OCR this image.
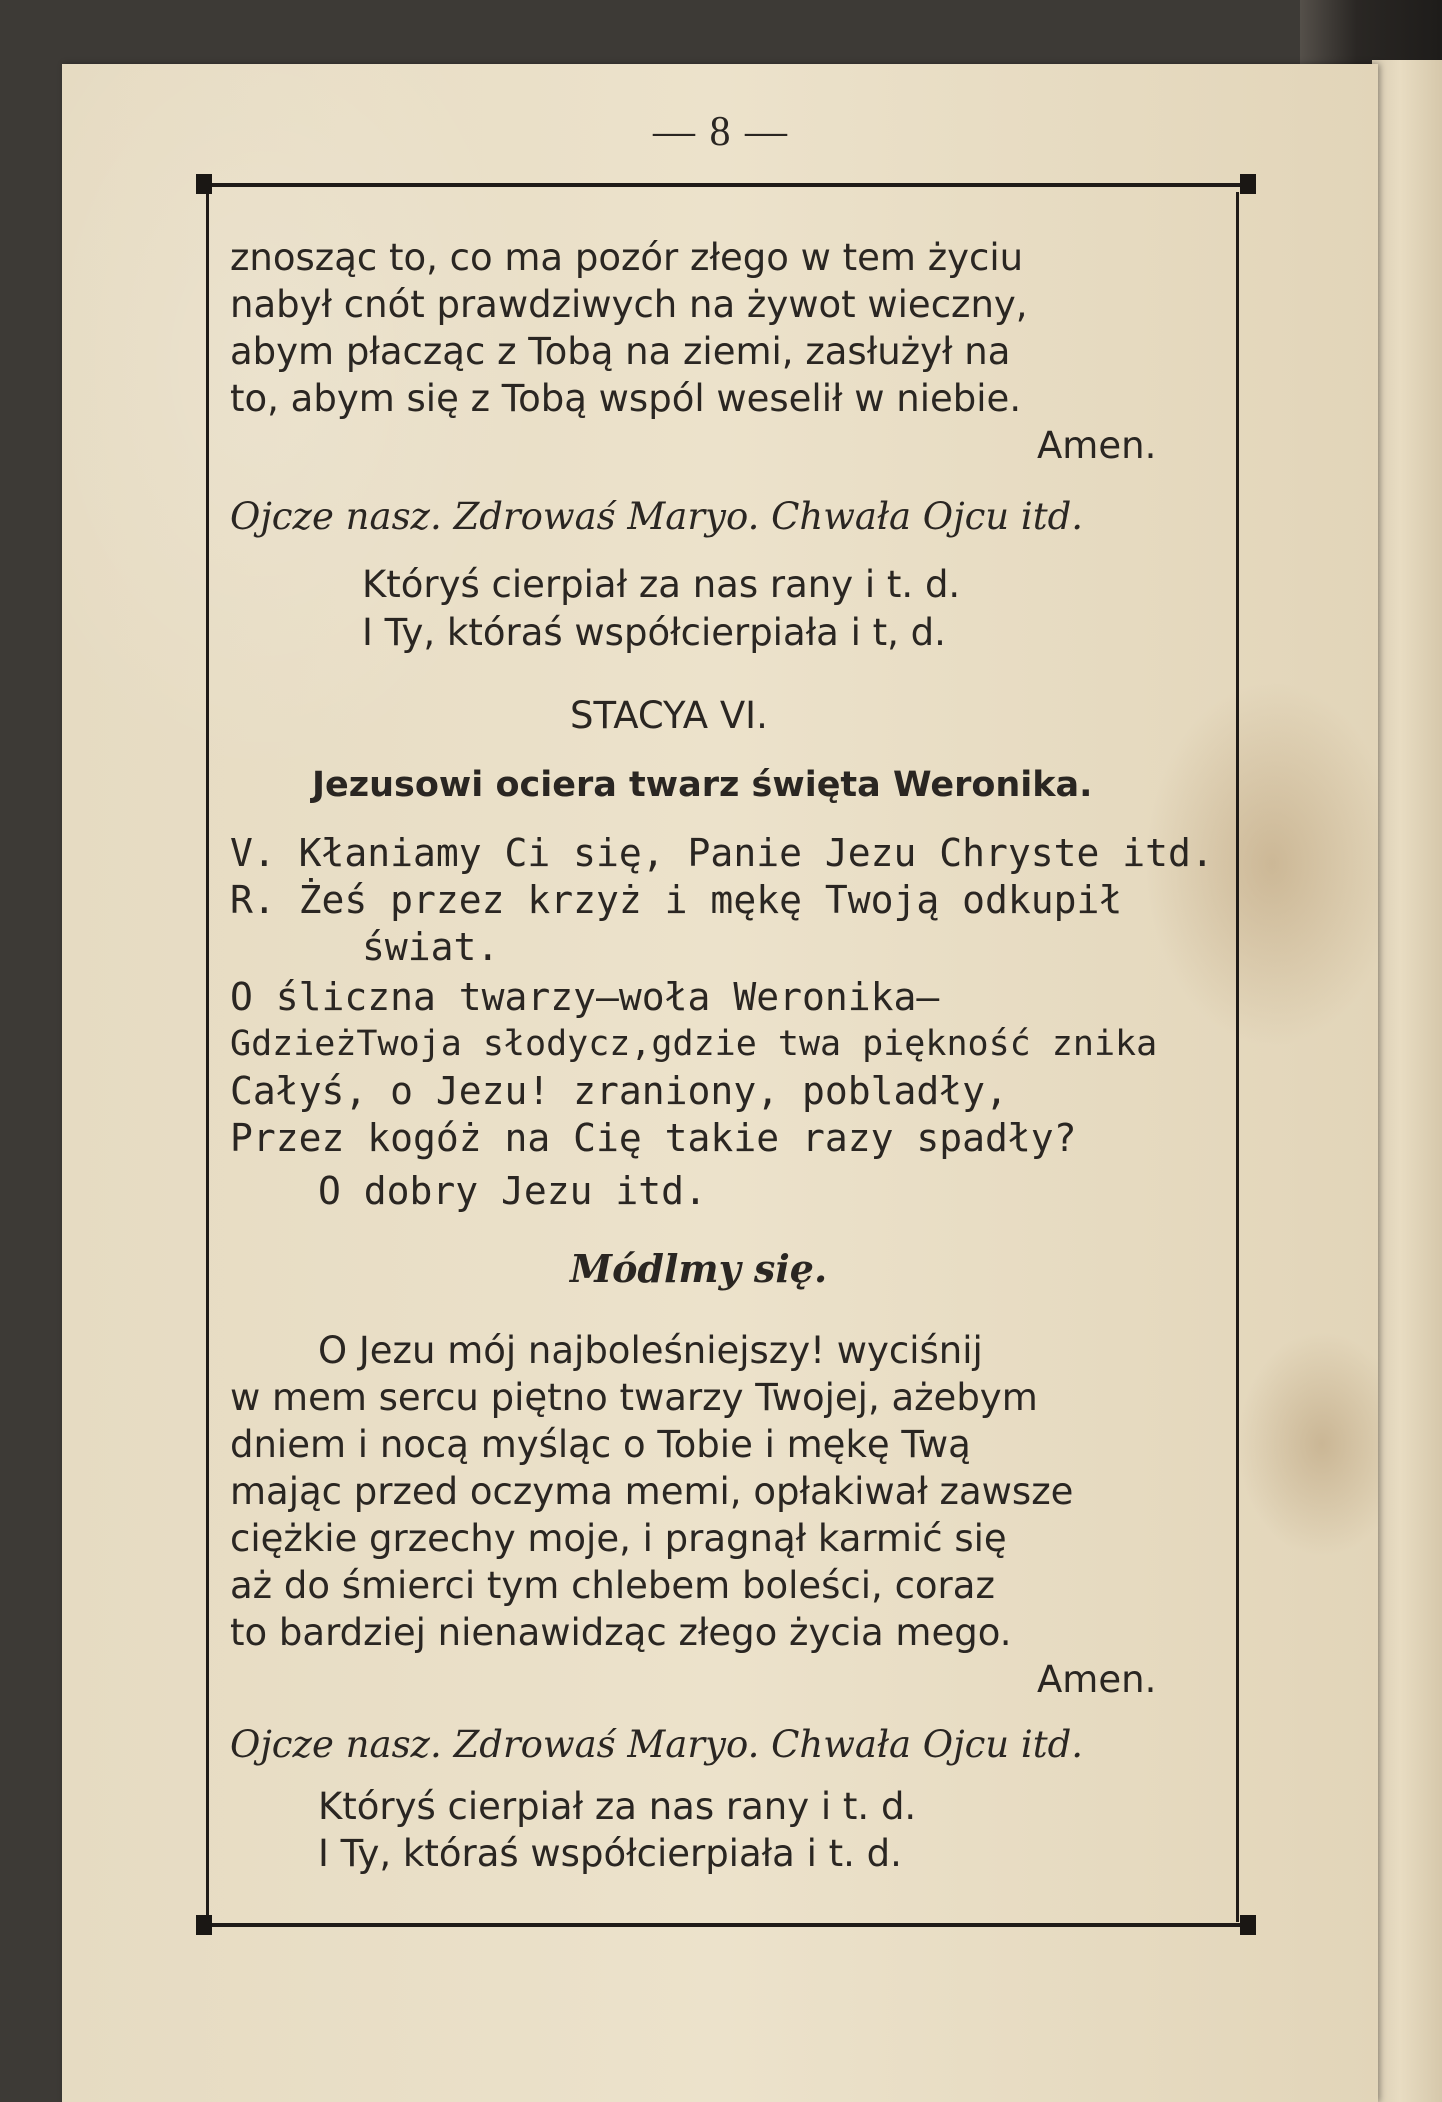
— 8 —
znosząc to, co ma pozór złego w tem życiu
nabył cnót prawdziwych na żywot wieczny,
abym płacząc z Tobą na ziemi, zasłużył na
to, abym się z Tobą wspól weselił w niebie.
Amen.
Ojcze nasz. Zdrowaś Maryo. Chwała Ojcu itd.
Któryś cierpiał za nas rany i t. d.
I Ty, któraś współcierpiała i t, d.
STACYA VI.
Jezusowi ociera twarz święta Weronika.
V. Kłaniamy Ci się, Panie Jezu Chryste itd.
R. Żeś przez krzyż i mękę Twoją odkupił
świat.
O śliczna twarzy—woła Weronika—
GdzieżTwoja słodycz,gdzie twa piękność znika
Całyś, o Jezu! zraniony, pobladły,
Przez kogóż na Cię takie razy spadły?
O dobry Jezu itd.
Módlmy się.
O Jezu mój najboleśniejszy! wyciśnij
w mem sercu piętno twarzy Twojej, ażebym
dniem i nocą myśląc o Tobie i mękę Twą
mając przed oczyma memi, opłakiwał zawsze
ciężkie grzechy moje, i pragnął karmić się
aż do śmierci tym chlebem boleści, coraz
to bardziej nienawidząc złego życia mego.
Amen.
Ojcze nasz. Zdrowaś Maryo. Chwała Ojcu itd.
Któryś cierpiał za nas rany i t. d.
I Ty, któraś współcierpiała i t. d.
